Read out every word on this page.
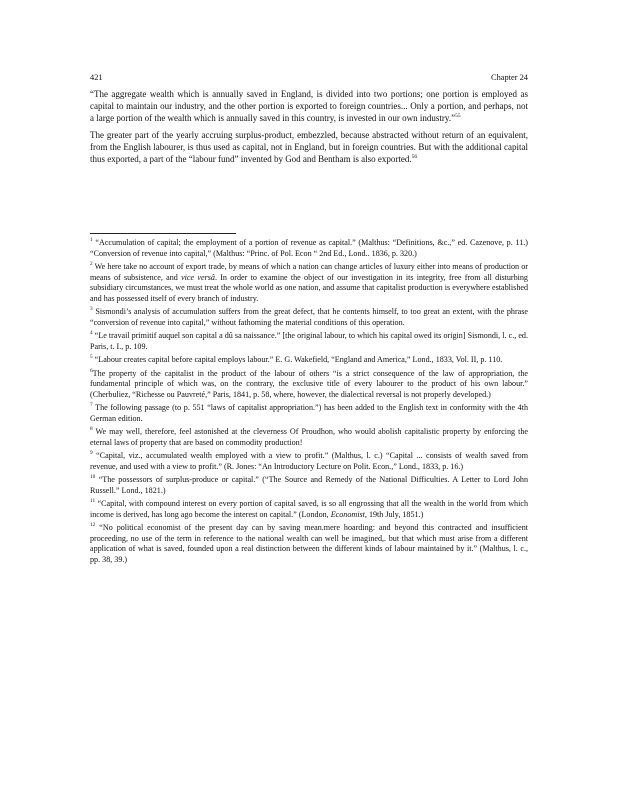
421	Chapter 24

“The aggregate wealth which is annually saved in England, is divided into two portions; one portion is employed as capital to maintain our industry, and the other portion is exported to foreign countries... Only a portion, and perhaps, not a large portion of the wealth which is annually saved in this country, is invested in our own industry.”$^{55}$

The greater part of the yearly accruing surplus-product, embezzled, because abstracted without return of an equivalent, from the English labourer, is thus used as capital, not in England, but in foreign countries. But with the additional capital thus exported, a part of the “labour fund” invented by God and Bentham is also exported.$^{56}$

$^1$ “Accumulation of capital; the employment of a portion of revenue as capital.” (Malthus: “Definitions, &c.,” ed. Cazenove, p. 11.) “Conversion of revenue into capital,” (Malthus: “Princ. of Pol. Econ “ 2nd Ed., Lond.. 1836, p. 320.)
$^2$ We here take no account of export trade, by means of which a nation can change articles of luxury either into means of production or means of subsistence, and vice versâ. In order to examine the object of our investigation in its integrity, free from all disturbing subsidiary circumstances, we must treat the whole world as one nation, and assume that capitalist production is everywhere established and has possessed itself of every branch of industry.
$^3$ Sismondi’s analysis of accumulation suffers from the great defect, that he contents himself, to too great an extent, with the phrase “conversion of revenue into capital,” without fathoming the material conditions of this operation.
$^4$ “Le travail primitif auquel son capital a dû sa naissance.” [the original labour, to which his capital owed its origin] Sismondi, l. c., ed. Paris, t. I., p. 109.
$^5$ “Labour creates capital before capital employs labour.” E. G. Wakefield, “England and America,” Lond., 1833, Vol. II, p. 110.
$^6$The property of the capitalist in the product of the labour of others “is a strict consequence of the law of appropriation, the fundamental principle of which was, on the contrary, the exclusive title of every labourer to the product of his own labour.” (Cherbuliez, “Richesse ou Pauvreté,” Paris, 1841, p. 58, where, however, the dialectical reversal is not properly developed.)
$^7$ The following passage (to p. 551 “laws of capitalist appropriation.”) has been added to the English text in conformity with the 4th German edition.
$^8$ We may well, therefore, feel astonished at the cleverness Of Proudhon, who would abolish capitalistic property by enforcing the eternal laws of property that are based on commodity production!
$^9$ “Capital, viz., accumulated wealth employed with a view to profit.” (Malthus, l. c.) “Capital ... consists of wealth saved from revenue, and used with a view to profit.” (R. Jones: “An Introductory Lecture on Polit. Econ.,” Lond., 1833, p. 16.)
$^{10}$ “The possessors of surplus-produce or capital.” (“The Source and Remedy of the National Difficulties. A Letter to Lord John Russell.” Lond., 1821.)
$^{11}$ “Capital, with compound interest on every portion of capital saved, is so all engrossing that all the wealth in the world from which income is derived, has long ago become the interest on capital.” (London, Economist, 19th July, 1851.)
$^{12}$ “No political economist of the present day can by saving mean.mere hoarding: and beyond this contracted and insufficient proceeding, no use of the term in reference to the national wealth can well be imagined,. but that which must arise from a different application of what is saved, founded upon a real distinction between the different kinds of labour maintained by it.” (Malthus, l. c., pp. 38, 39.)
